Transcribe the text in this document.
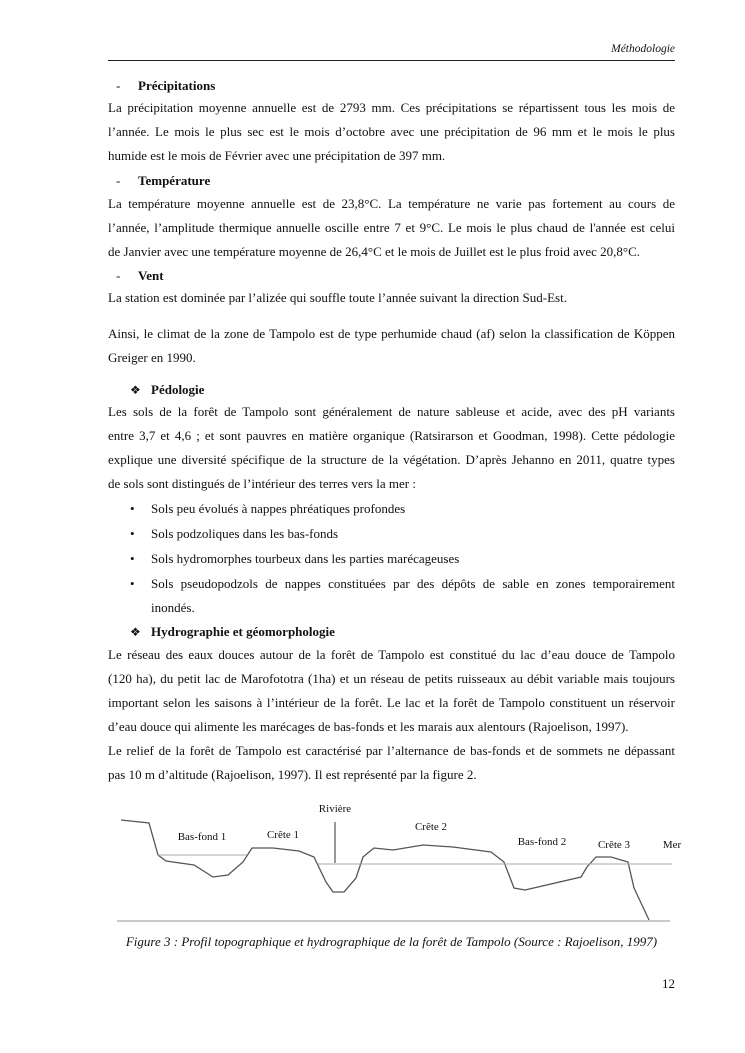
Méthodologie
- Précipitations
La précipitation moyenne annuelle est de 2793 mm. Ces précipitations se répartissent tous les mois de
l’année. Le mois le plus sec est le mois d’octobre avec une précipitation de 96 mm et le mois le plus
humide est le mois de Février avec une précipitation de 397 mm.
- Température
La température moyenne annuelle est de 23,8°C. La température ne varie pas fortement au cours de
l’année, l’amplitude thermique annuelle oscille entre 7 et 9°C. Le mois le plus chaud de l'année est celui
de Janvier avec une température moyenne de 26,4°C et le mois de Juillet est le plus froid avec 20,8°C.
- Vent
La station est dominée par l’alizée qui souffle toute l’année suivant la direction Sud-Est.
Ainsi, le climat de la zone de Tampolo est de type perhumide chaud (af) selon la classification de Köppen
Greiger en 1990.
❖ Pédologie
Les sols de la forêt de Tampolo sont généralement de nature sableuse et acide, avec des pH variants
entre 3,7 et 4,6 ; et sont pauvres en matière organique (Ratsirarson et Goodman, 1998). Cette pédologie
explique une diversité spécifique de la structure de la végétation. D’après Jehanno en 2011, quatre types
de sols sont distingués de l’intérieur des terres vers la mer :
• Sols peu évolués à nappes phréatiques profondes
• Sols podzoliques dans les bas-fonds
• Sols hydromorphes tourbeux dans les parties marécageuses
• Sols pseudopodzols de nappes constituées par des dépôts de sable en zones temporairement
inondés.
❖ Hydrographie et géomorphologie
Le réseau des eaux douces autour de la forêt de Tampolo est constitué du lac d’eau douce de Tampolo
(120 ha), du petit lac de Marofototra (1ha) et un réseau de petits ruisseaux au débit variable mais toujours
important selon les saisons à l’intérieur de la forêt. Le lac et la forêt de Tampolo constituent un réservoir
d’eau douce qui alimente les marécages de bas-fonds et les marais aux alentours (Rajoelison, 1997).
Le relief de la forêt de Tampolo est caractérisé par l’alternance de bas-fonds et de sommets ne dépassant
pas 10 m d’altitude (Rajoelison, 1997). Il est représenté par la figure 2.
Rivière
Bas-fond 1	Crête 1
Crête 2
Bas-fond 2	Crête 3	Mer
Figure 3 : Profil topographique et hydrographique de la forêt de Tampolo (Source : Rajoelison, 1997)
12
